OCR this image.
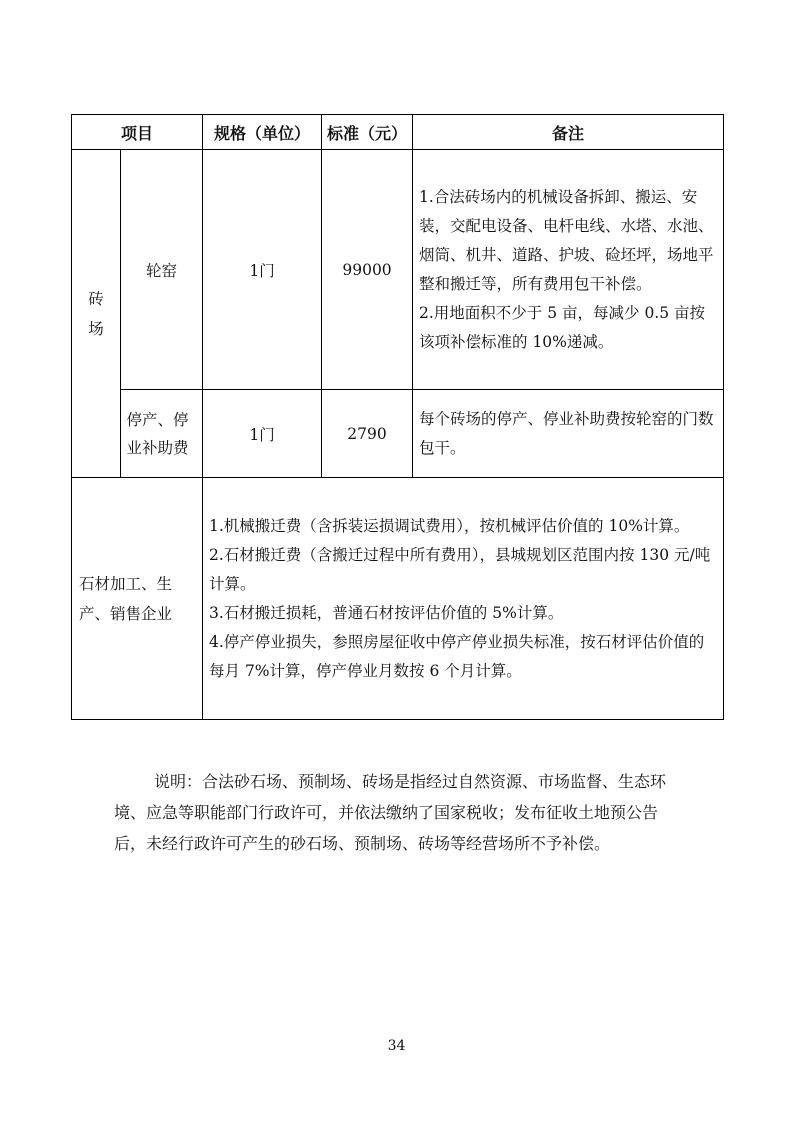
项目		规格（单位）	标准（元）	备注

砖场	轮窑	1门	99000	1.合法砖场内的机械设备拆卸、搬运、安装，交配电设备、电杆电线、水塔、水池、烟筒、机井、道路、护坡、硷坯坪，场地平整和搬迁等，所有费用包干补偿。
2.用地面积不少于 5 亩，每减少 0.5 亩按该项补偿标准的 10%递减。

	停产、停业补助费	1门	2790	每个砖场的停产、停业补助费按轮窑的门数包干。

石材加工、生产、销售企业		1.机械搬迁费（含拆装运损调试费用），按机械评估价值的 10%计算。
2.石材搬迁费（含搬迁过程中所有费用），县城规划区范围内按 130 元/吨计算。
3.石材搬迁损耗，普通石材按评估价值的 5%计算。
4.停产停业损失，参照房屋征收中停产停业损失标准，按石材评估价值的每月 7%计算，停产停业月数按 6 个月计算。		
说明：合法砂石场、预制场、砖场是指经过自然资源、市场监督、生态环境、应急等职能部门行政许可，并依法缴纳了国家税收；发布征收土地预公告后，未经行政许可产生的砂石场、预制场、砖场等经营场所不予补偿。
34
